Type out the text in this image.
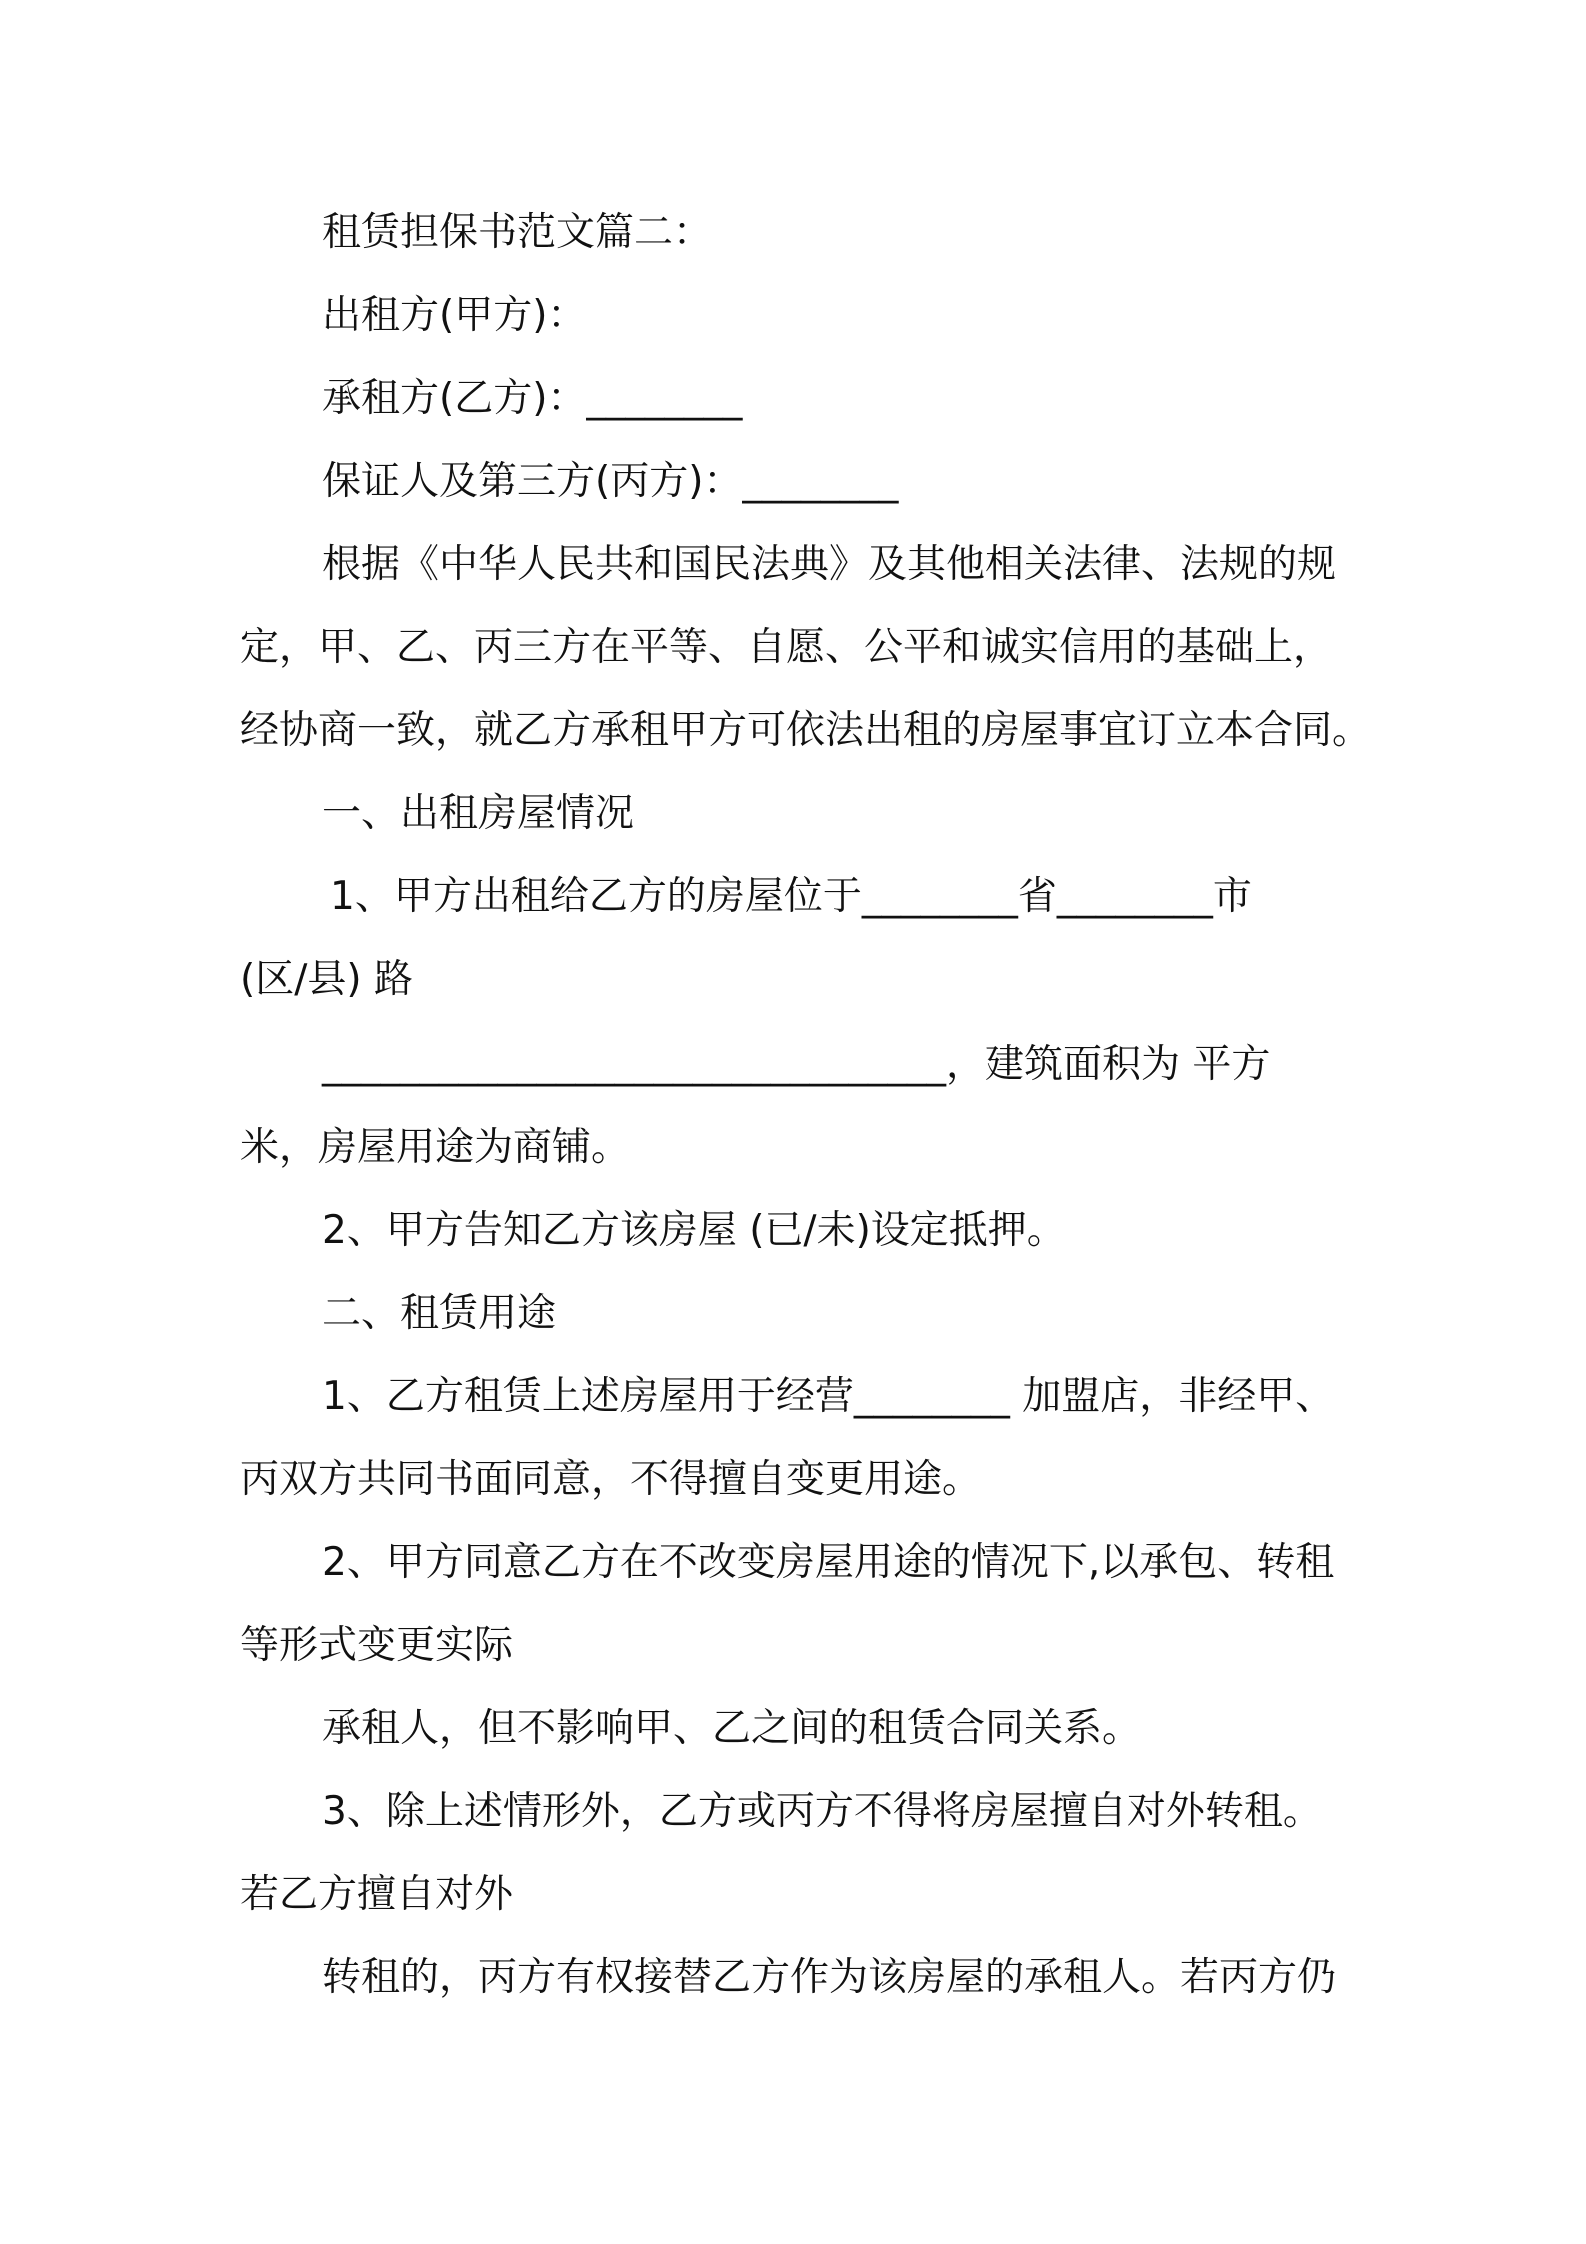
租赁担保书范文篇二：
出租方(甲方)：
承租方(乙方)：________
保证人及第三方(丙方)：________
根据《中华人民共和国民法典》及其他相关法律、法规的规
定，甲、乙、丙三方在平等、自愿、公平和诚实信用的基础上，
经协商一致，就乙方承租甲方可依法出租的房屋事宜订立本合同。
一、出租房屋情况
1、甲方出租给乙方的房屋位于________省________市
(区/县) 路
________________________________，建筑面积为 平方
米，房屋用途为商铺。
2、甲方告知乙方该房屋 (已/未)设定抵押。
二、租赁用途
1、乙方租赁上述房屋用于经营________ 加盟店，非经甲、
丙双方共同书面同意，不得擅自变更用途。
2、甲方同意乙方在不改变房屋用途的情况下,以承包、转租
等形式变更实际
承租人，但不影响甲、乙之间的租赁合同关系。
3、除上述情形外，乙方或丙方不得将房屋擅自对外转租。
若乙方擅自对外
转租的，丙方有权接替乙方作为该房屋的承租人。若丙方仍
